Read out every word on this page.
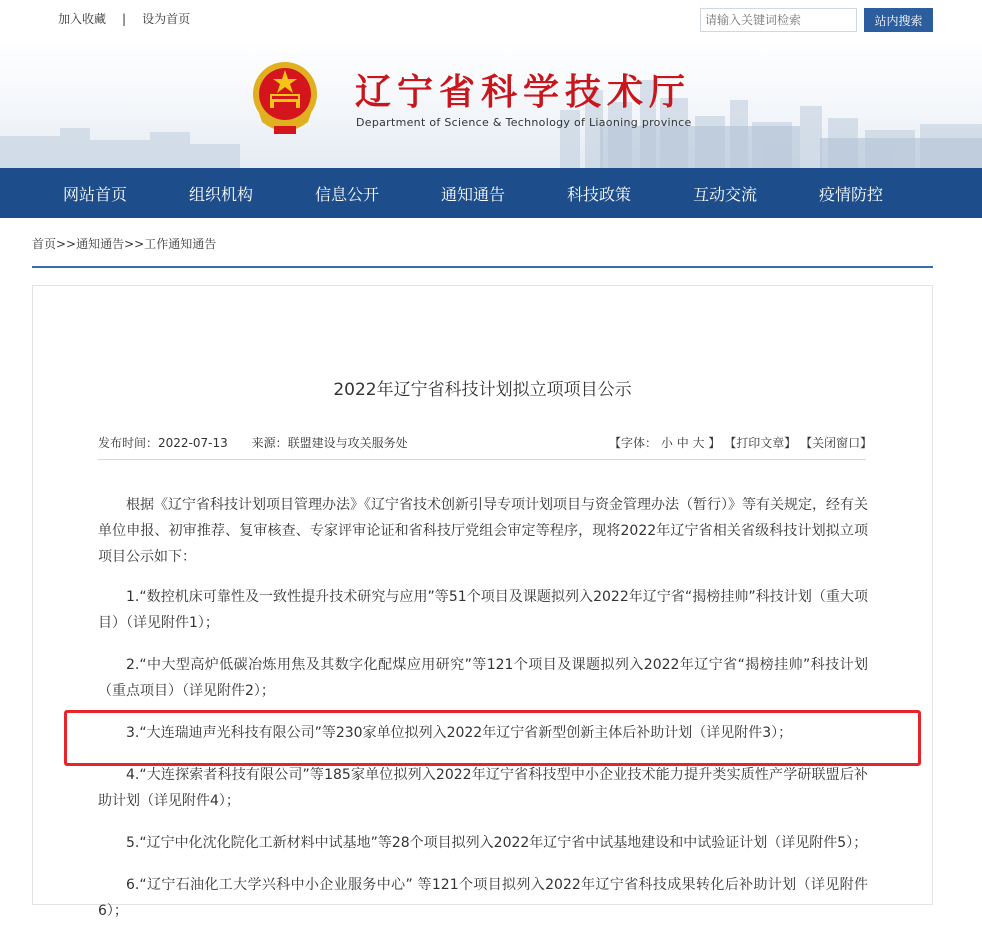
加入收藏 | 设为首页
请输入关键词检索	站内搜索
辽宁省科学技术厅
Department of Science & Technology of Liaoning province
网站首页	组织机构	信息公开	通知通告	科技政策	互动交流	疫情防控
首页>>通知通告>>工作通知通告
2022年辽宁省科技计划拟立项项目公示
发布时间：2022-07-13 来源：联盟建设与攻关服务处	【字体： 小 中 大 】 【打印文章】 【关闭窗口】

根据《辽宁省科技计划项目管理办法》《辽宁省技术创新引导专项计划项目与资金管理办法（暂行）》等有关规定，经有关单位申报、初审推荐、复审核查、专家评审论证和省科技厅党组会审定等程序，现将2022年辽宁省相关省级科技计划拟立项项目公示如下：

1.“数控机床可靠性及一致性提升技术研究与应用”等51个项目及课题拟列入2022年辽宁省“揭榜挂帅”科技计划（重大项目）（详见附件1）；

2.“中大型高炉低碳冶炼用焦及其数字化配煤应用研究”等121个项目及课题拟列入2022年辽宁省“揭榜挂帅”科技计划（重点项目）（详见附件2）；

3.“大连瑞迪声光科技有限公司”等230家单位拟列入2022年辽宁省新型创新主体后补助计划（详见附件3）；

4.“大连探索者科技有限公司”等185家单位拟列入2022年辽宁省科技型中小企业技术能力提升类实质性产学研联盟后补助计划（详见附件4）；

5.“辽宁中化沈化院化工新材料中试基地”等28个项目拟列入2022年辽宁省中试基地建设和中试验证计划（详见附件5）；

6.“辽宁石油化工大学兴科中小企业服务中心” 等121个项目拟列入2022年辽宁省科技成果转化后补助计划（详见附件6）；
